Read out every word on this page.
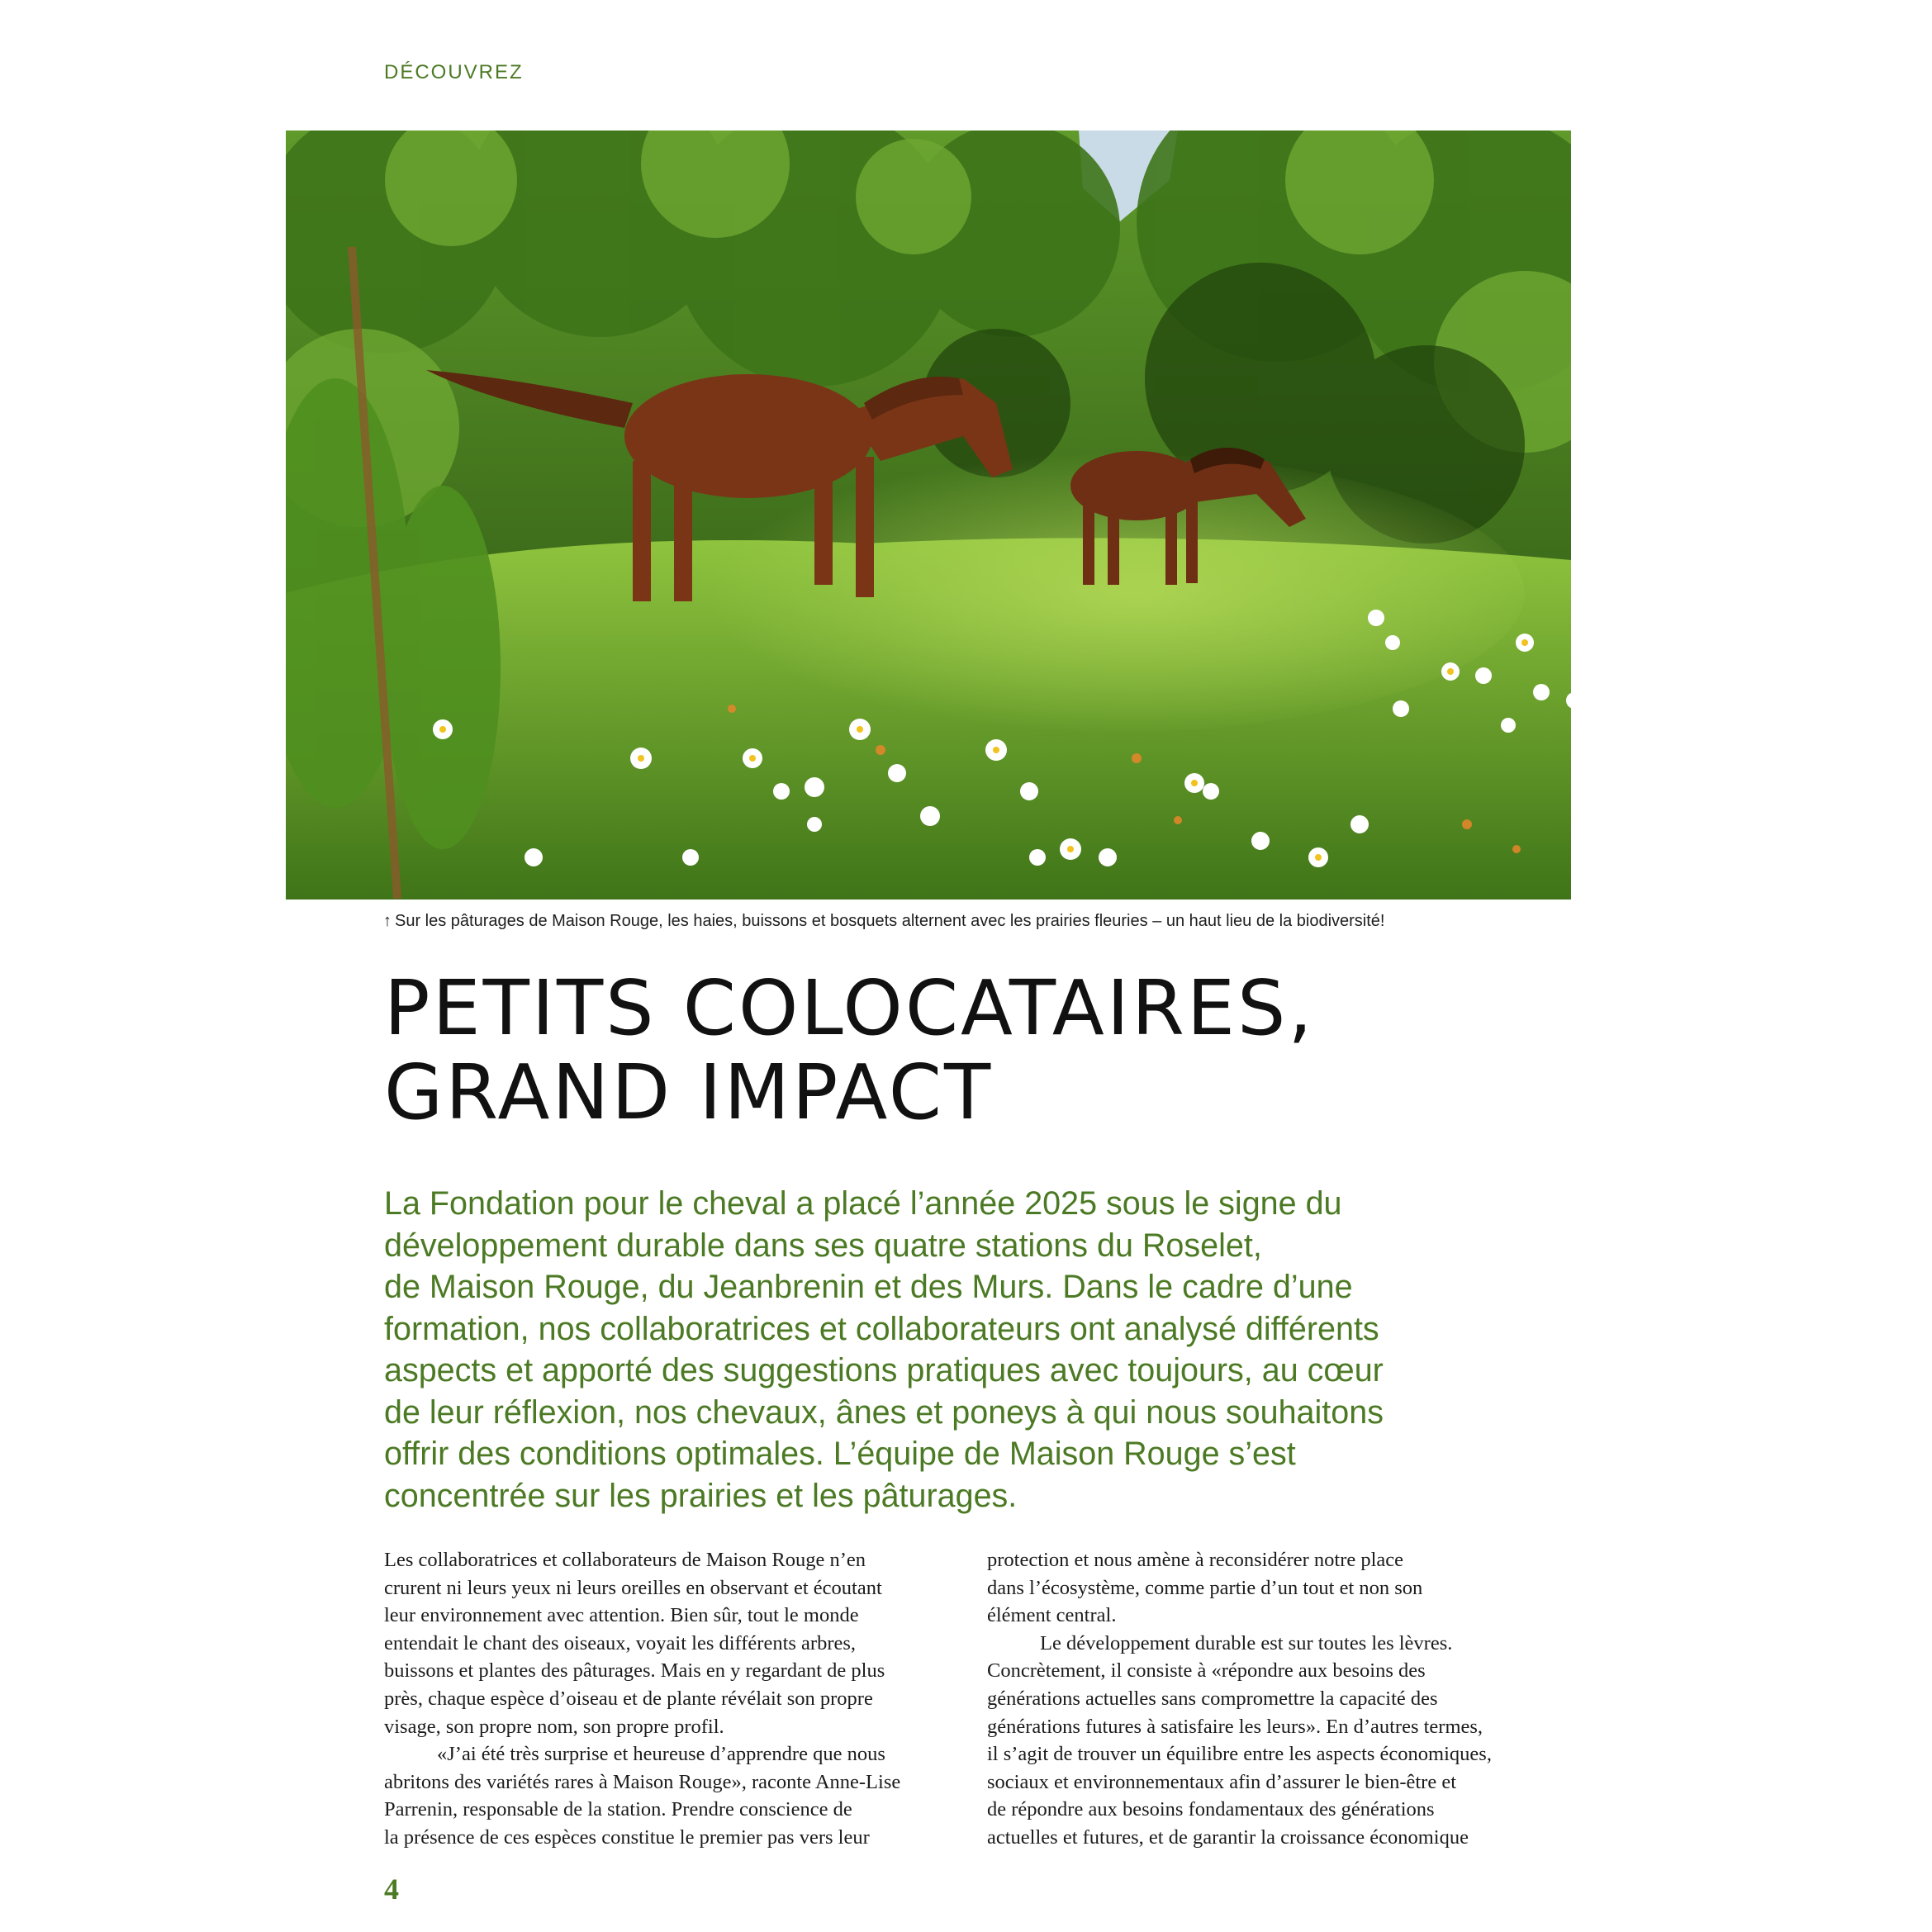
DÉCOUVREZ

↑ Sur les pâturages de Maison Rouge, les haies, buissons et bosquets alternent avec les prairies fleuries – un haut lieu de la biodiversité!

PETITS COLOCATAIRES,
GRAND IMPACT

La Fondation pour le cheval a placé l’année 2025 sous le signe du
développement durable dans ses quatre stations du Roselet,
de Maison Rouge, du Jeanbrenin et des Murs. Dans le cadre d’une
formation, nos collaboratrices et collaborateurs ont analysé différents
aspects et apporté des suggestions pratiques avec toujours, au cœur
de leur réflexion, nos chevaux, ânes et poneys à qui nous souhaitons
offrir des conditions optimales. L’équipe de Maison Rouge s’est
concentrée sur les prairies et les pâturages.

Les collaboratrices et collaborateurs de Maison Rouge n’en
crurent ni leurs yeux ni leurs oreilles en observant et écoutant
leur environnement avec attention. Bien sûr, tout le monde
entendait le chant des oiseaux, voyait les différents arbres,
buissons et plantes des pâturages. Mais en y regardant de plus
près, chaque espèce d’oiseau et de plante révélait son propre
visage, son propre nom, son propre profil.
«J’ai été très surprise et heureuse d’apprendre que nous
abritons des variétés rares à Maison Rouge», raconte Anne-Lise
Parrenin, responsable de la station. Prendre conscience de
la présence de ces espèces constitue le premier pas vers leur
protection et nous amène à reconsidérer notre place
dans l’écosystème, comme partie d’un tout et non son
élément central.
Le développement durable est sur toutes les lèvres.
Concrètement, il consiste à «répondre aux besoins des
générations actuelles sans compromettre la capacité des
générations futures à satisfaire les leurs». En d’autres termes,
il s’agit de trouver un équilibre entre les aspects économiques,
sociaux et environnementaux afin d’assurer le bien-être et
de répondre aux besoins fondamentaux des générations
actuelles et futures, et de garantir la croissance économique

4
